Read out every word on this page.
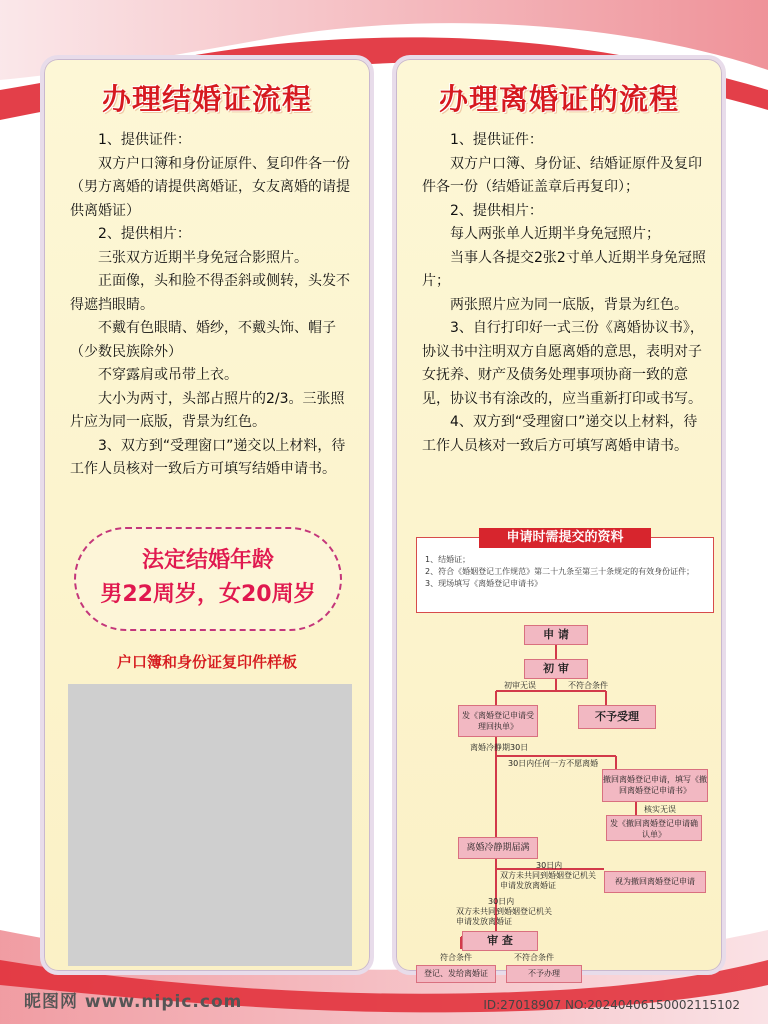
办理结婚证流程

1、提供证件：

双方户口簿和身份证原件、复印件各一份（男方离婚的请提供离婚证，女友离婚的请提供离婚证）

2、提供相片：

三张双方近期半身免冠合影照片。

正面像，头和脸不得歪斜或侧转，头发不得遮挡眼睛。

不戴有色眼睛、婚纱，不戴头饰、帽子（少数民族除外）

不穿露肩或吊带上衣。

大小为两寸，头部占照片的2/3。三张照片应为同一底版，背景为红色。

3、双方到“受理窗口”递交以上材料，待工作人员核对一致后方可填写结婚申请书。

法定结婚年龄
男22周岁，女20周岁
户口簿和身份证复印件样板
办理离婚证的流程

1、提供证件：

双方户口簿、身份证、结婚证原件及复印件各一份（结婚证盖章后再复印）；

2、提供相片：

每人两张单人近期半身免冠照片；

当事人各提交2张2寸单人近期半身免冠照片；

两张照片应为同一底版，背景为红色。

3、自行打印好一式三份《离婚协议书》，协议书中注明双方自愿离婚的意思，表明对子女抚养、财产及债务处理事项协商一致的意见，协议书有涂改的，应当重新打印或书写。

4、双方到“受理窗口”递交以上材料，待工作人员核对一致后方可填写离婚申请书。

申请时需提交的资料

1、结婚证；

2、符合《婚姻登记工作规范》第二十九条至第三十条规定的有效身份证件；

3、现场填写《离婚登记申请书》

申 请
初 审
初审无误	不符合条件
不予受理
发《离婚登记申请受理回执单》
离婚冷静期30日
30日内任何一方不愿离婚
撤回离婚登记申请，填写《撤回离婚登记申请书》
核实无误
发《撤回离婚登记申请确认单》
离婚冷静期届满
30日内
双方未共同到婚姻登记机关申请发放离婚证	视为撤回离婚登记申请
30日内
双方未共同到婚姻登记机关申请发放离婚证
审 查
符合条件	不符合条件
登记、发给离婚证	不予办理
昵图网 www.nipic.com	ID:27018907 NO:20240406150002115102
